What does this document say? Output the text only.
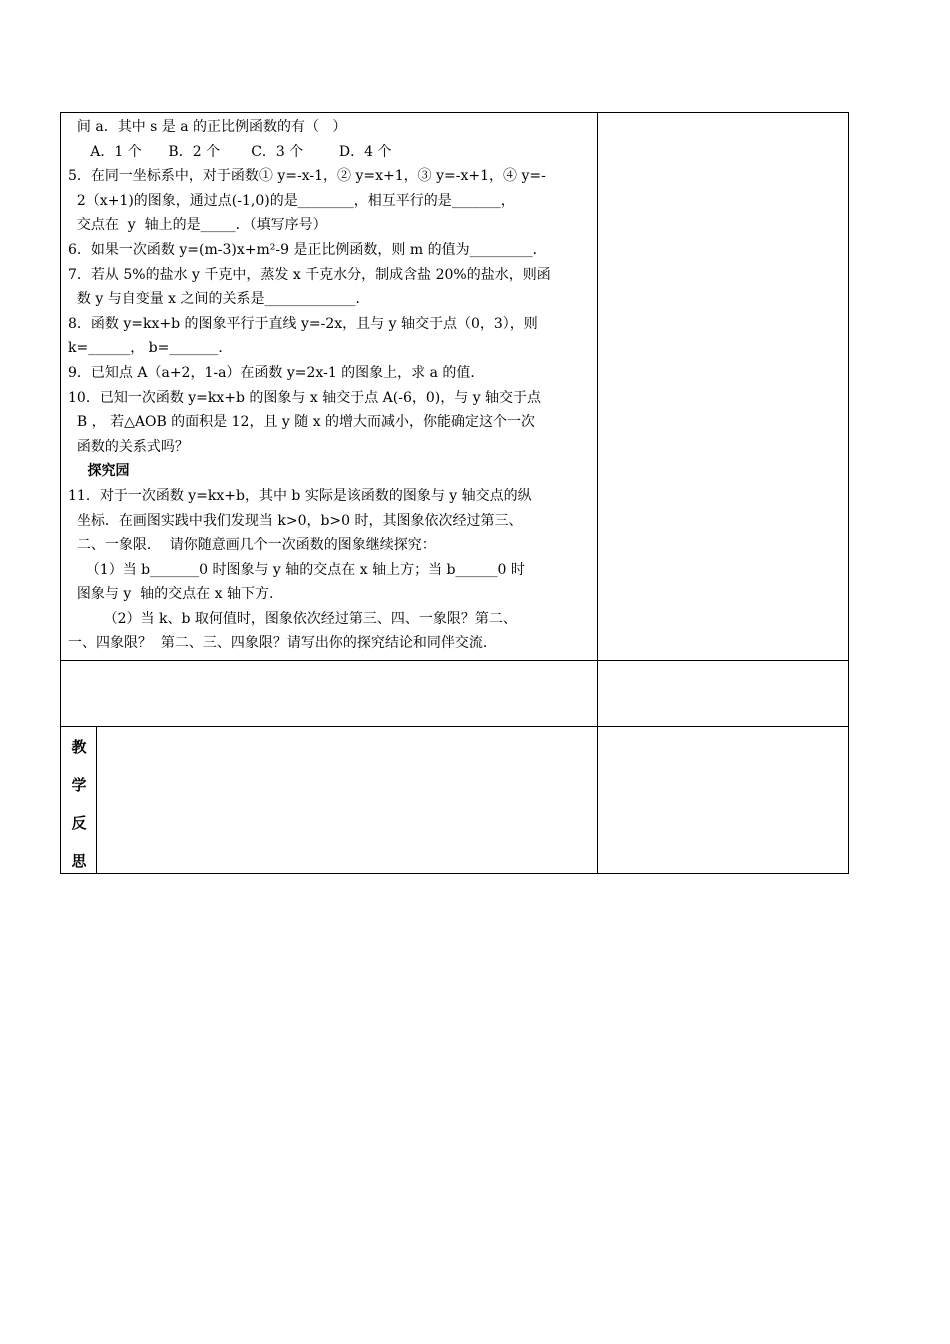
间 a．其中 s 是 a 的正比例函数的有（   ）
A．1 个      B．2 个       C．3 个        D．4 个
5．在同一坐标系中，对于函数① y=-x-1，② y=x+1，③ y=-x+1，④ y=-
2（x+1)的图象，通过点(-1,0)的是________，相互平行的是_______，
交点在  y  轴上的是_____．（填写序号）
6．如果一次函数 y=(m-3)x+m²-9 是正比例函数，则 m 的值为_________．
7．若从 5%的盐水 y 千克中，蒸发 x 千克水分，制成含盐 20%的盐水，则函
数 y 与自变量 x 之间的关系是_____________．
8．函数 y=kx+b 的图象平行于直线 y=-2x，且与 y 轴交于点（0，3），则
k=______， b=_______．
9．已知点 A（a+2，1-a）在函数 y=2x-1 的图象上，求 a 的值．
10．已知一次函数 y=kx+b 的图象与 x 轴交于点 A(-6，0)，与 y 轴交于点
B ， 若△AOB 的面积是 12，且 y 随 x 的增大而减小，你能确定这个一次
函数的关系式吗？
探究园
11．对于一次函数 y=kx+b，其中 b 实际是该函数的图象与 y 轴交点的纵
坐标．在画图实践中我们发现当 k>0，b>0 时，其图象依次经过第三、
二、一象限．  请你随意画几个一次函数的图象继续探究：
（1）当 b_______0 时图象与 y 轴的交点在 x 轴上方；当 b______0 时
图象与 y  轴的交点在 x 轴下方.
（2）当 k、b 取何值时，图象依次经过第三、四、一象限？第二、
一、四象限？  第二、三、四象限？请写出你的探究结论和同伴交流.
教
学
反
思
